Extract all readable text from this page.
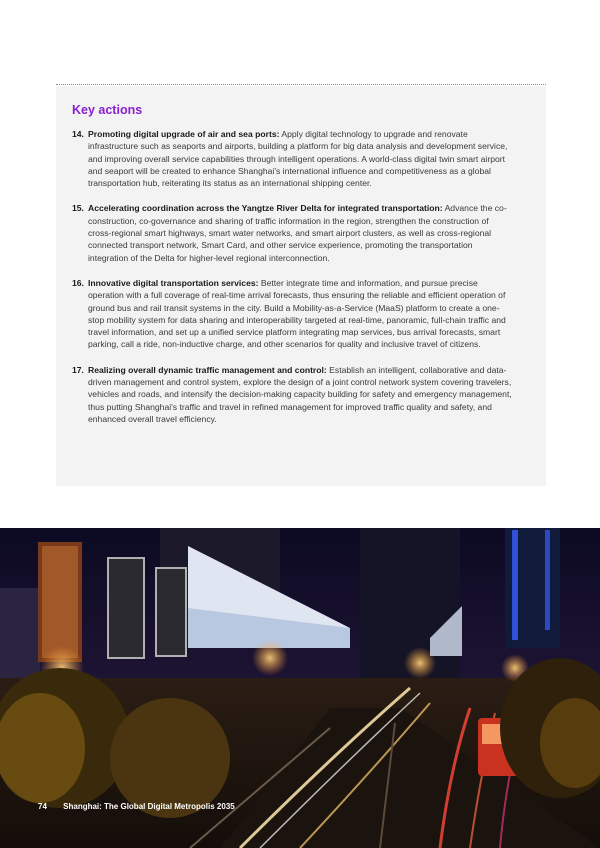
Key actions
14. Promoting digital upgrade of air and sea ports: Apply digital technology to upgrade and renovate infrastructure such as seaports and airports, building a platform for big data analysis and development service, and improving overall service capabilities through intelligent operations. A world-class digital twin smart airport and seaport will be created to enhance Shanghai's international influence and competitiveness as a global transportation hub, reiterating its status as an international shipping center.
15. Accelerating coordination across the Yangtze River Delta for integrated transportation: Advance the co-construction, co-governance and sharing of traffic information in the region, strengthen the construction of cross-regional smart highways, smart water networks, and smart airport clusters, as well as cross-regional connected transport network, Smart Card, and other service experience, promoting the transportation integration of the Delta for higher-level regional interconnection.
16. Innovative digital transportation services: Better integrate time and information, and pursue precise operation with a full coverage of real-time arrival forecasts, thus ensuring the reliable and efficient operation of ground bus and rail transit systems in the city. Build a Mobility-as-a-Service (MaaS) platform to create a one-stop mobility system for data sharing and interoperability targeted at real-time, panoramic, full-chain traffic and travel information, and set up a unified service platform integrating map services, bus arrival forecasts, smart parking, call a ride, non-inductive charge, and other scenarios for quality and inclusive travel of citizens.
17. Realizing overall dynamic traffic management and control: Establish an intelligent, collaborative and data-driven management and control system, explore the design of a joint control network system covering travelers, vehicles and roads, and intensify the decision-making capacity building for safety and emergency management, thus putting Shanghai's traffic and travel in refined management for improved traffic quality and safety, and enhanced overall travel efficiency.
74 Shanghai: The Global Digital Metropolis 2035
